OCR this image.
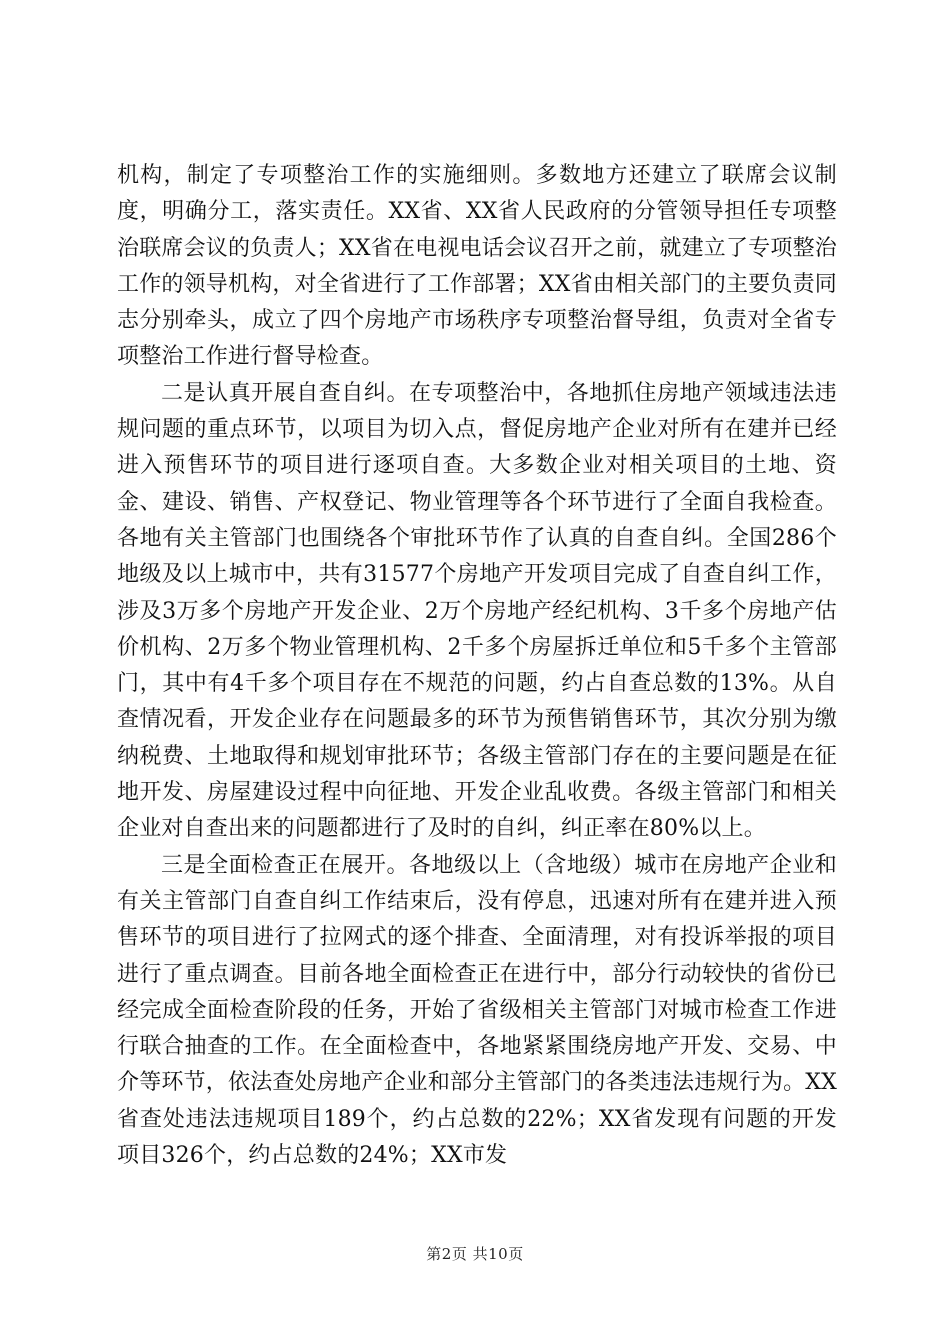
机构，制定了专项整治工作的实施细则。多数地方还建立了联席会议制度，明确分工，落实责任。XX省、XX省人民政府的分管领导担任专项整治联席会议的负责人；XX省在电视电话会议召开之前，就建立了专项整治工作的领导机构，对全省进行了工作部署；XX省由相关部门的主要负责同志分别牵头，成立了四个房地产市场秩序专项整治督导组，负责对全省专项整治工作进行督导检查。

二是认真开展自查自纠。在专项整治中，各地抓住房地产领域违法违规问题的重点环节，以项目为切入点，督促房地产企业对所有在建并已经进入预售环节的项目进行逐项自查。大多数企业对相关项目的土地、资金、建设、销售、产权登记、物业管理等各个环节进行了全面自我检查。各地有关主管部门也围绕各个审批环节作了认真的自查自纠。全国286个地级及以上城市中，共有31577个房地产开发项目完成了自查自纠工作，涉及3万多个房地产开发企业、2万个房地产经纪机构、3千多个房地产估价机构、2万多个物业管理机构、2千多个房屋拆迁单位和5千多个主管部门，其中有4千多个项目存在不规范的问题，约占自查总数的13%。从自查情况看，开发企业存在问题最多的环节为预售销售环节，其次分别为缴纳税费、土地取得和规划审批环节；各级主管部门存在的主要问题是在征地开发、房屋建设过程中向征地、开发企业乱收费。各级主管部门和相关企业对自查出来的问题都进行了及时的自纠，纠正率在80%以上。

三是全面检查正在展开。各地级以上（含地级）城市在房地产企业和有关主管部门自查自纠工作结束后，没有停息，迅速对所有在建并进入预售环节的项目进行了拉网式的逐个排查、全面清理，对有投诉举报的项目进行了重点调查。目前各地全面检查正在进行中，部分行动较快的省份已经完成全面检查阶段的任务，开始了省级相关主管部门对城市检查工作进行联合抽查的工作。在全面检查中，各地紧紧围绕房地产开发、交易、中介等环节，依法查处房地产企业和部分主管部门的各类违法违规行为。XX省查处违法违规项目189个，约占总数的22%；XX省发现有问题的开发项目326个，约占总数的24%；XX市发

第2页 共10页
